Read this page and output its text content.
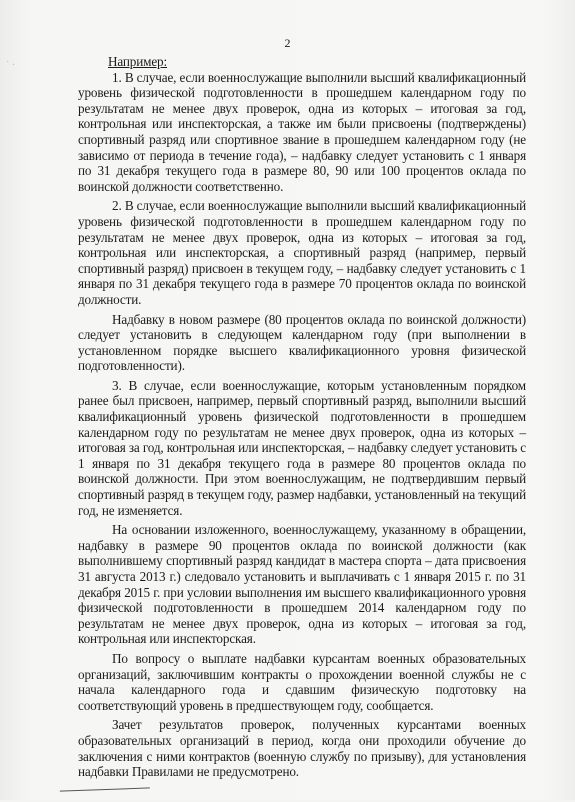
˙ ·
2

Например:

1. В случае, если военнослужащие выполнили высший квалификационный уровень физической подготовленности в прошедшем календарном году по результатам не менее двух проверок, одна из которых – итоговая за год, контрольная или инспекторская, а также им были присвоены (подтверждены) спортивный разряд или спортивное звание в прошедшем календарном году (не зависимо от периода в течение года), – надбавку следует установить с 1 января по 31 декабря текущего года в размере 80, 90 или 100 процентов оклада по воинской должности соответственно.

2. В случае, если военнослужащие выполнили высший квалификационный уровень физической подготовленности в прошедшем календарном году по результатам не менее двух проверок, одна из которых – итоговая за год, контрольная или инспекторская, а спортивный разряд (например, первый спортивный разряд) присвоен в текущем году, – надбавку следует установить с 1 января по 31 декабря текущего года в размере 70 процентов оклада по воинской должности.

Надбавку в новом размере (80 процентов оклада по воинской должности) следует установить в следующем календарном году (при выполнении в установленном порядке высшего квалификационного уровня физической подготовленности).

3. В случае, если военнослужащие, которым установленным порядком ранее был присвоен, например, первый спортивный разряд, выполнили высший квалификационный уровень физической подготовленности в прошедшем календарном году по результатам не менее двух проверок, одна из которых – итоговая за год, контрольная или инспекторская, – надбавку следует установить с 1 января по 31 декабря текущего года в размере 80 процентов оклада по воинской должности. При этом военнослужащим, не подтвердившим первый спортивный разряд в текущем году, размер надбавки, установленный на текущий год, не изменяется.

На основании изложенного, военнослужащему, указанному в обращении, надбавку в размере 90 процентов оклада по воинской должности (как выполнившему спортивный разряд кандидат в мастера спорта – дата присвоения 31 августа 2013 г.) следовало установить и выплачивать с 1 января 2015 г. по 31 декабря 2015 г. при условии выполнения им высшего квалификационного уровня физической подготовленности в прошедшем 2014 календарном году по результатам не менее двух проверок, одна из которых – итоговая за год, контрольная или инспекторская.

По вопросу о выплате надбавки курсантам военных образовательных организаций, заключившим контракты о прохождении военной службы не с начала календарного года и сдавшим физическую подготовку на соответствующий уровень в предшествующем году, сообщается.

Зачет результатов проверок, полученных курсантами военных образовательных организаций в период, когда они проходили обучение до заключения с ними контрактов (военную службу по призыву), для установления надбавки Правилами не предусмотрено.
